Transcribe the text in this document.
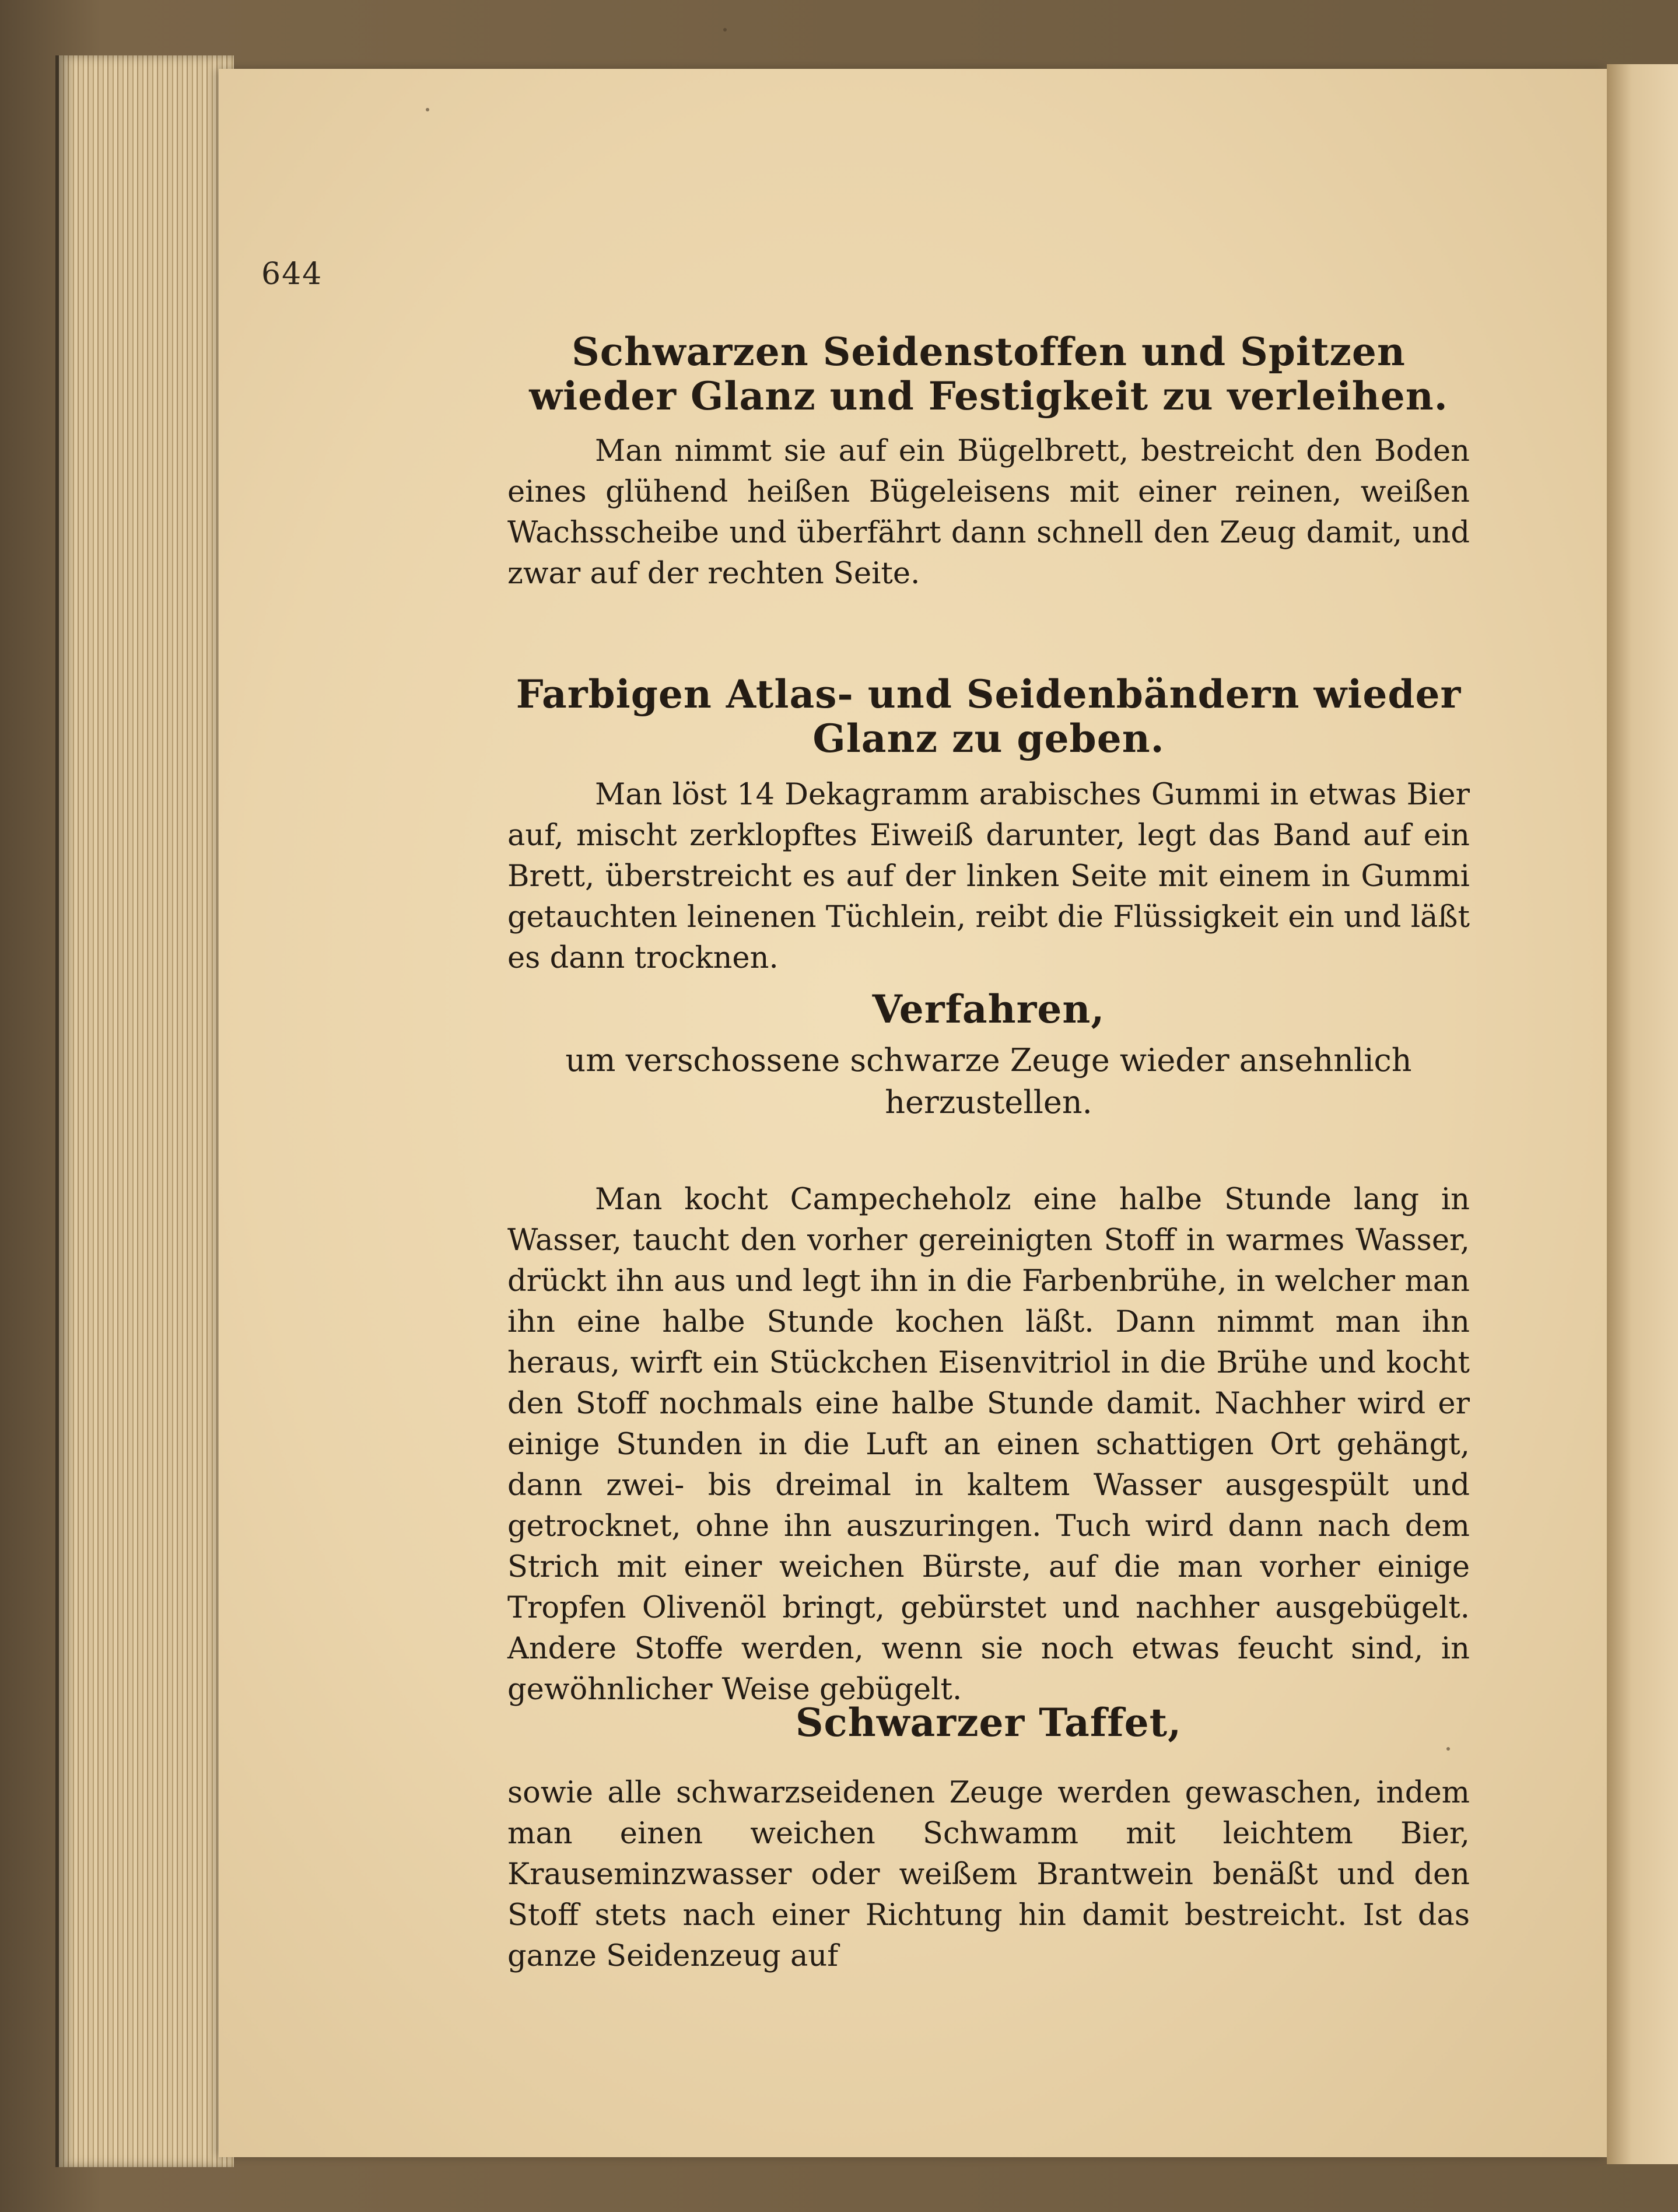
644
Schwarzen Seidenstoffen und Spitzen wieder Glanz und Festigkeit zu verleihen.
Man nimmt sie auf ein Bügelbrett, bestreicht den Boden eines glühend heißen Bügeleisens mit einer reinen, weißen Wachsscheibe und überfährt dann schnell den Zeug damit, und zwar auf der rechten Seite.
Farbigen Atlas- und Seidenbändern wieder Glanz zu geben.
Man löst 14 Dekagramm arabisches Gummi in etwas Bier auf, mischt zerklopftes Eiweiß darunter, legt das Band auf ein Brett, überstreicht es auf der linken Seite mit einem in Gummi getauchten leinenen Tüchlein, reibt die Flüssigkeit ein und läßt es dann trocknen.
Verfahren,
um verschossene schwarze Zeuge wieder ansehnlich herzustellen.
Man kocht Campecheholz eine halbe Stunde lang in Wasser, taucht den vorher gereinigten Stoff in warmes Wasser, drückt ihn aus und legt ihn in die Farbenbrühe, in welcher man ihn eine halbe Stunde kochen läßt. Dann nimmt man ihn heraus, wirft ein Stückchen Eisenvitriol in die Brühe und kocht den Stoff nochmals eine halbe Stunde damit. Nachher wird er einige Stunden in die Luft an einen schattigen Ort gehängt, dann zwei- bis dreimal in kaltem Wasser ausgespült und getrocknet, ohne ihn auszuringen. Tuch wird dann nach dem Strich mit einer weichen Bürste, auf die man vorher einige Tropfen Olivenöl bringt, gebürstet und nachher ausgebügelt. Andere Stoffe werden, wenn sie noch etwas feucht sind, in gewöhnlicher Weise gebügelt.
Schwarzer Taffet,
sowie alle schwarzseidenen Zeuge werden gewaschen, indem man einen weichen Schwamm mit leichtem Bier, Krauseminzwasser oder weißem Brantwein benäßt und den Stoff stets nach einer Richtung hin damit bestreicht. Ist das ganze Seidenzeug auf
